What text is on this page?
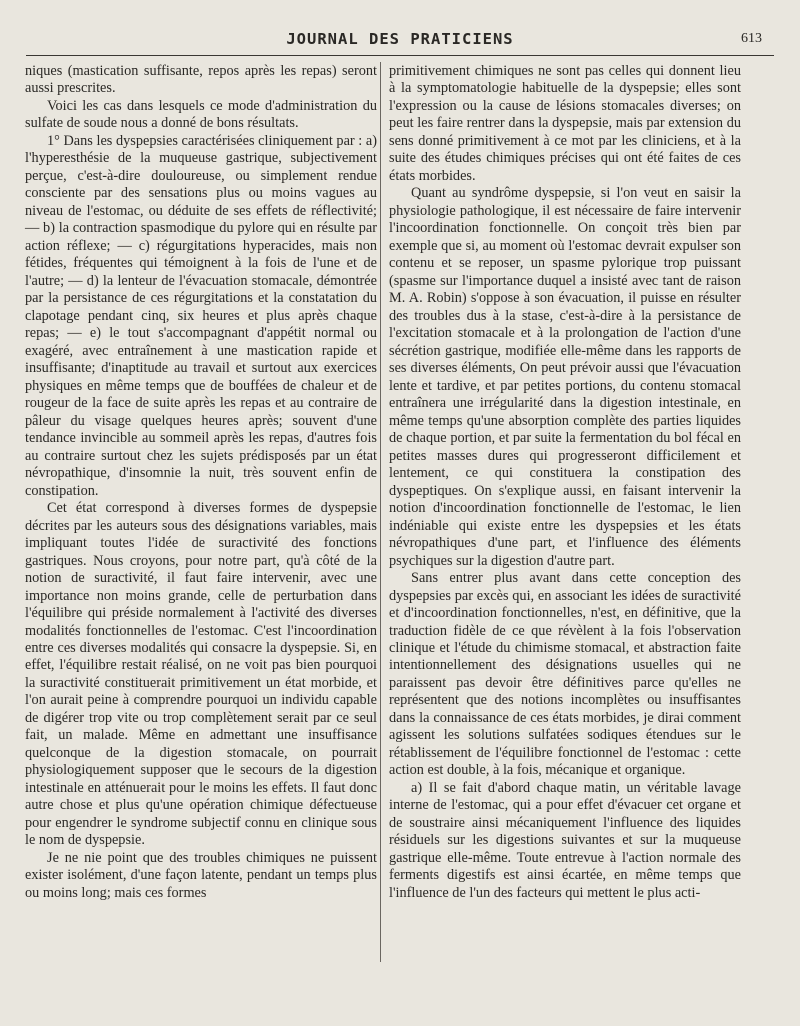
JOURNAL DES PRATICIENS	613

niques (mastication suffisante, repos après les repas) seront aussi prescrites.

Voici les cas dans lesquels ce mode d'administration du sulfate de soude nous a donné de bons résultats.

1° Dans les dyspepsies caractérisées cliniquement par : a) l'hyperesthésie de la muqueuse gastrique, subjectivement perçue, c'est-à-dire douloureuse, ou simplement rendue consciente par des sensations plus ou moins vagues au niveau de l'estomac, ou déduite de ses effets de réflectivité; — b) la contraction spasmodique du pylore qui en résulte par action réflexe; — c) régurgitations hyperacides, mais non fétides, fréquentes qui témoignent à la fois de l'une et de l'autre; — d) la lenteur de l'évacuation stomacale, démontrée par la persistance de ces régurgitations et la constatation du clapotage pendant cinq, six heures et plus après chaque repas; — e) le tout s'accompagnant d'appétit normal ou exagéré, avec entraînement à une mastication rapide et insuffisante; d'inaptitude au travail et surtout aux exercices physiques en même temps que de bouffées de chaleur et de rougeur de la face de suite après les repas et au contraire de pâleur du visage quelques heures après; souvent d'une tendance invincible au sommeil après les repas, d'autres fois au contraire surtout chez les sujets prédisposés par un état névropathique, d'insomnie la nuit, très souvent enfin de constipation.

Cet état correspond à diverses formes de dyspepsie décrites par les auteurs sous des désignations variables, mais impliquant toutes l'idée de suractivité des fonctions gastriques. Nous croyons, pour notre part, qu'à côté de la notion de suractivité, il faut faire intervenir, avec une importance non moins grande, celle de perturbation dans l'équilibre qui préside normalement à l'activité des diverses modalités fonctionnelles de l'estomac. C'est l'incoordination entre ces diverses modalités qui consacre la dyspepsie. Si, en effet, l'équilibre restait réalisé, on ne voit pas bien pourquoi la suractivité constituerait primitivement un état morbide, et l'on aurait peine à comprendre pourquoi un individu capable de digérer trop vite ou trop complètement serait par ce seul fait, un malade. Même en admettant une insuffisance quelconque de la digestion stomacale, on pourrait physiologiquement supposer que le secours de la digestion intestinale en atténuerait pour le moins les effets. Il faut donc autre chose et plus qu'une opération chimique défectueuse pour engendrer le syndrome subjectif connu en clinique sous le nom de dyspepsie.

Je ne nie point que des troubles chimiques ne puissent exister isolément, d'une façon latente, pendant un temps plus ou moins long; mais ces formes

primitivement chimiques ne sont pas celles qui donnent lieu à la symptomatologie habituelle de la dyspepsie; elles sont l'expression ou la cause de lésions stomacales diverses; on peut les faire rentrer dans la dyspepsie, mais par extension du sens donné primitivement à ce mot par les cliniciens, et à la suite des études chimiques précises qui ont été faites de ces états morbides.

Quant au syndrôme dyspepsie, si l'on veut en saisir la physiologie pathologique, il est nécessaire de faire intervenir l'incoordination fonctionnelle. On conçoit très bien par exemple que si, au moment où l'estomac devrait expulser son contenu et se reposer, un spasme pylorique trop puissant (spasme sur l'importance duquel a insisté avec tant de raison M. A. Robin) s'oppose à son évacuation, il puisse en résulter des troubles dus à la stase, c'est-à-dire à la persistance de l'excitation stomacale et à la prolongation de l'action d'une sécrétion gastrique, modifiée elle-même dans les rapports de ses diverses éléments, On peut prévoir aussi que l'évacuation lente et tardive, et par petites portions, du contenu stomacal entraînera une irrégularité dans la digestion intestinale, en même temps qu'une absorption complète des parties liquides de chaque portion, et par suite la fermentation du bol fécal en petites masses dures qui progresseront difficilement et lentement, ce qui constituera la constipation des dyspeptiques. On s'explique aussi, en faisant intervenir la notion d'incoordination fonctionnelle de l'estomac, le lien indéniable qui existe entre les dyspepsies et les états névropathiques d'une part, et l'influence des éléments psychiques sur la digestion d'autre part.

Sans entrer plus avant dans cette conception des dyspepsies par excès qui, en associant les idées de suractivité et d'incoordination fonctionnelles, n'est, en définitive, que la traduction fidèle de ce que révèlent à la fois l'observation clinique et l'étude du chimisme stomacal, et abstraction faite intentionnellement des désignations usuelles qui ne paraissent pas devoir être définitives parce qu'elles ne représentent que des notions incomplètes ou insuffisantes dans la connaissance de ces états morbides, je dirai comment agissent les solutions sulfatées sodiques étendues sur le rétablissement de l'équilibre fonctionnel de l'estomac : cette action est double, à la fois, mécanique et organique.

a) Il se fait d'abord chaque matin, un véritable lavage interne de l'estomac, qui a pour effet d'évacuer cet organe et de soustraire ainsi mécaniquement l'influence des liquides résiduels sur les digestions suivantes et sur la muqueuse gastrique elle-même. Toute entrevue à l'action normale des ferments digestifs est ainsi écartée, en même temps que l'influence de l'un des facteurs qui mettent le plus acti-
